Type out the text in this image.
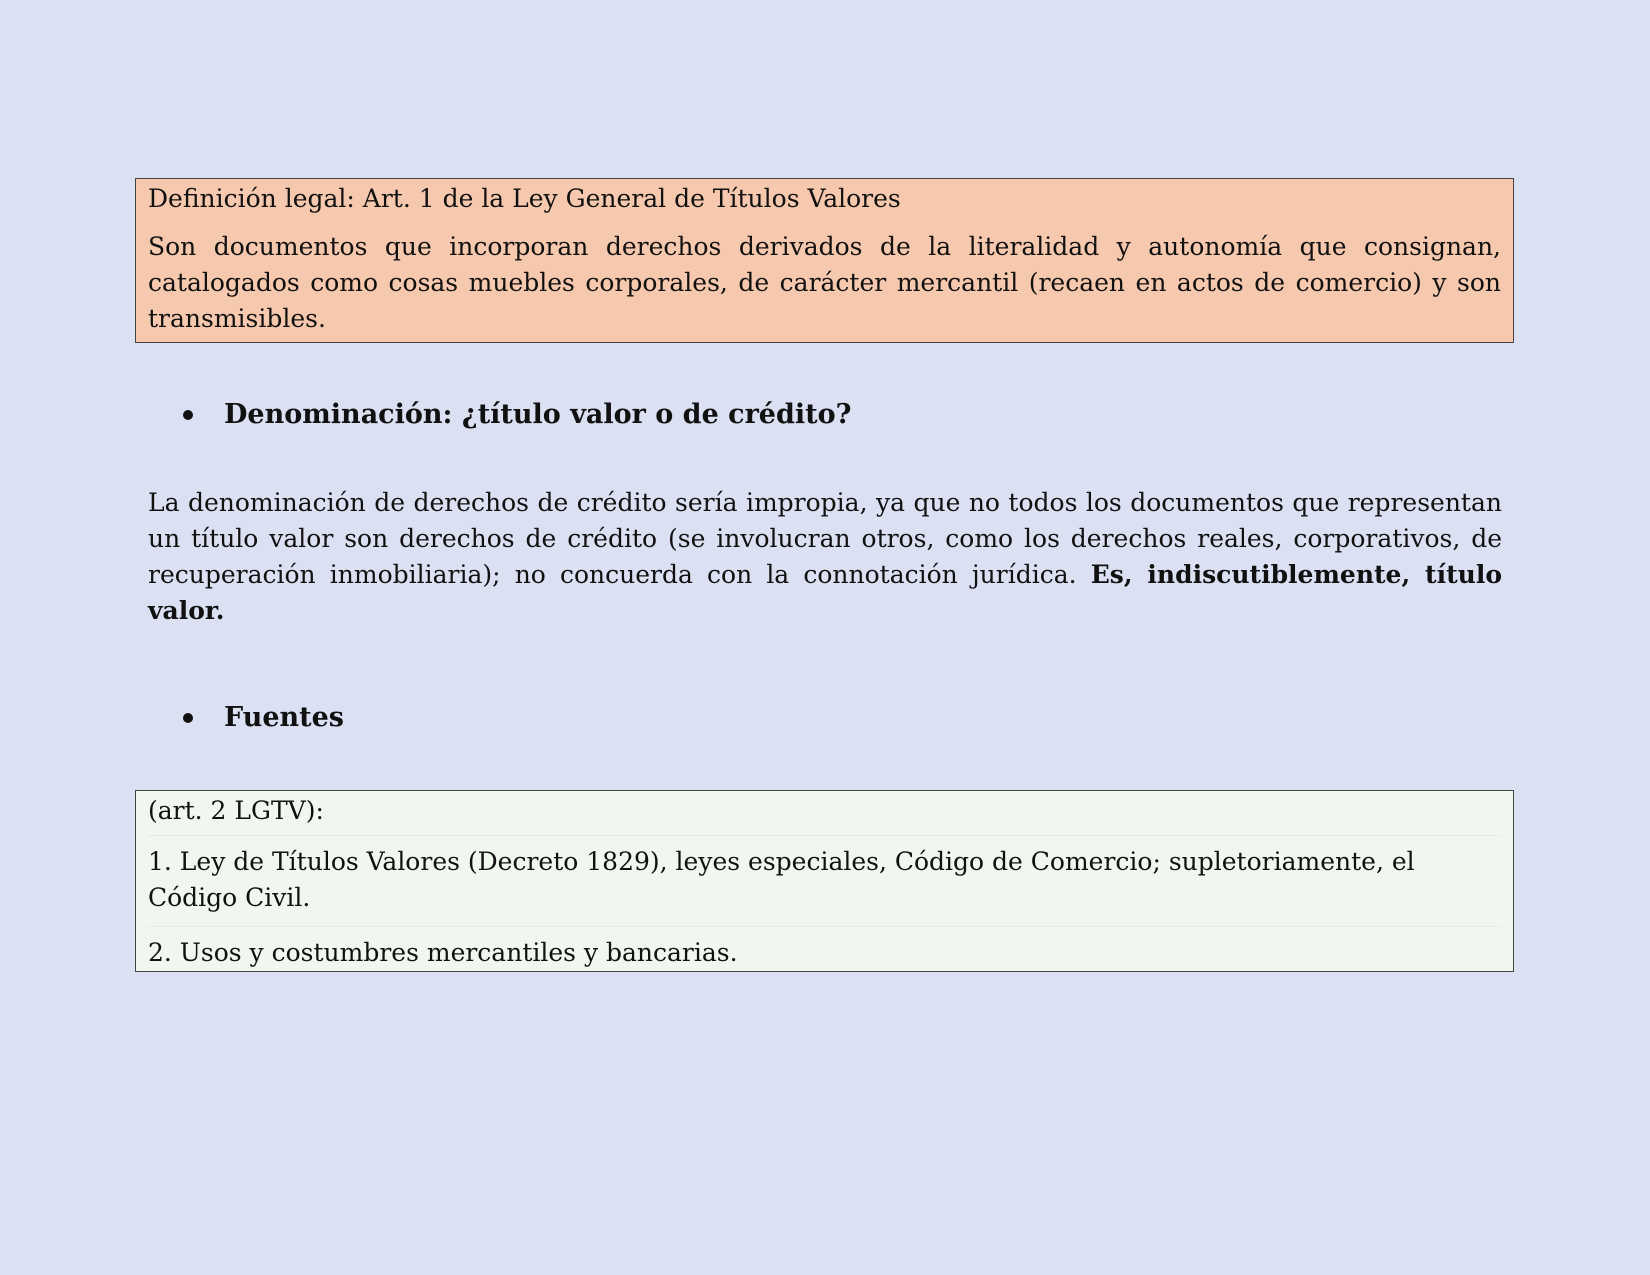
Definición legal: Art. 1 de la Ley General de Títulos Valores

Son documentos que incorporan derechos derivados de la literalidad y autonomía que consignan, catalogados como cosas muebles corporales, de carácter mercantil (recaen en actos de comercio) y son transmisibles.

Denominación: ¿título valor o de crédito?

La denominación de derechos de crédito sería impropia, ya que no todos los documentos que representan un título valor son derechos de crédito (se involucran otros, como los derechos reales, corporativos, de recuperación inmobiliaria); no concuerda con la connotación jurídica. Es, indiscutiblemente, título valor.

Fuentes

(art. 2 LGTV):

1. Ley de Títulos Valores (Decreto 1829), leyes especiales, Código de Comercio; supletoriamente, el Código Civil.

2. Usos y costumbres mercantiles y bancarias.
